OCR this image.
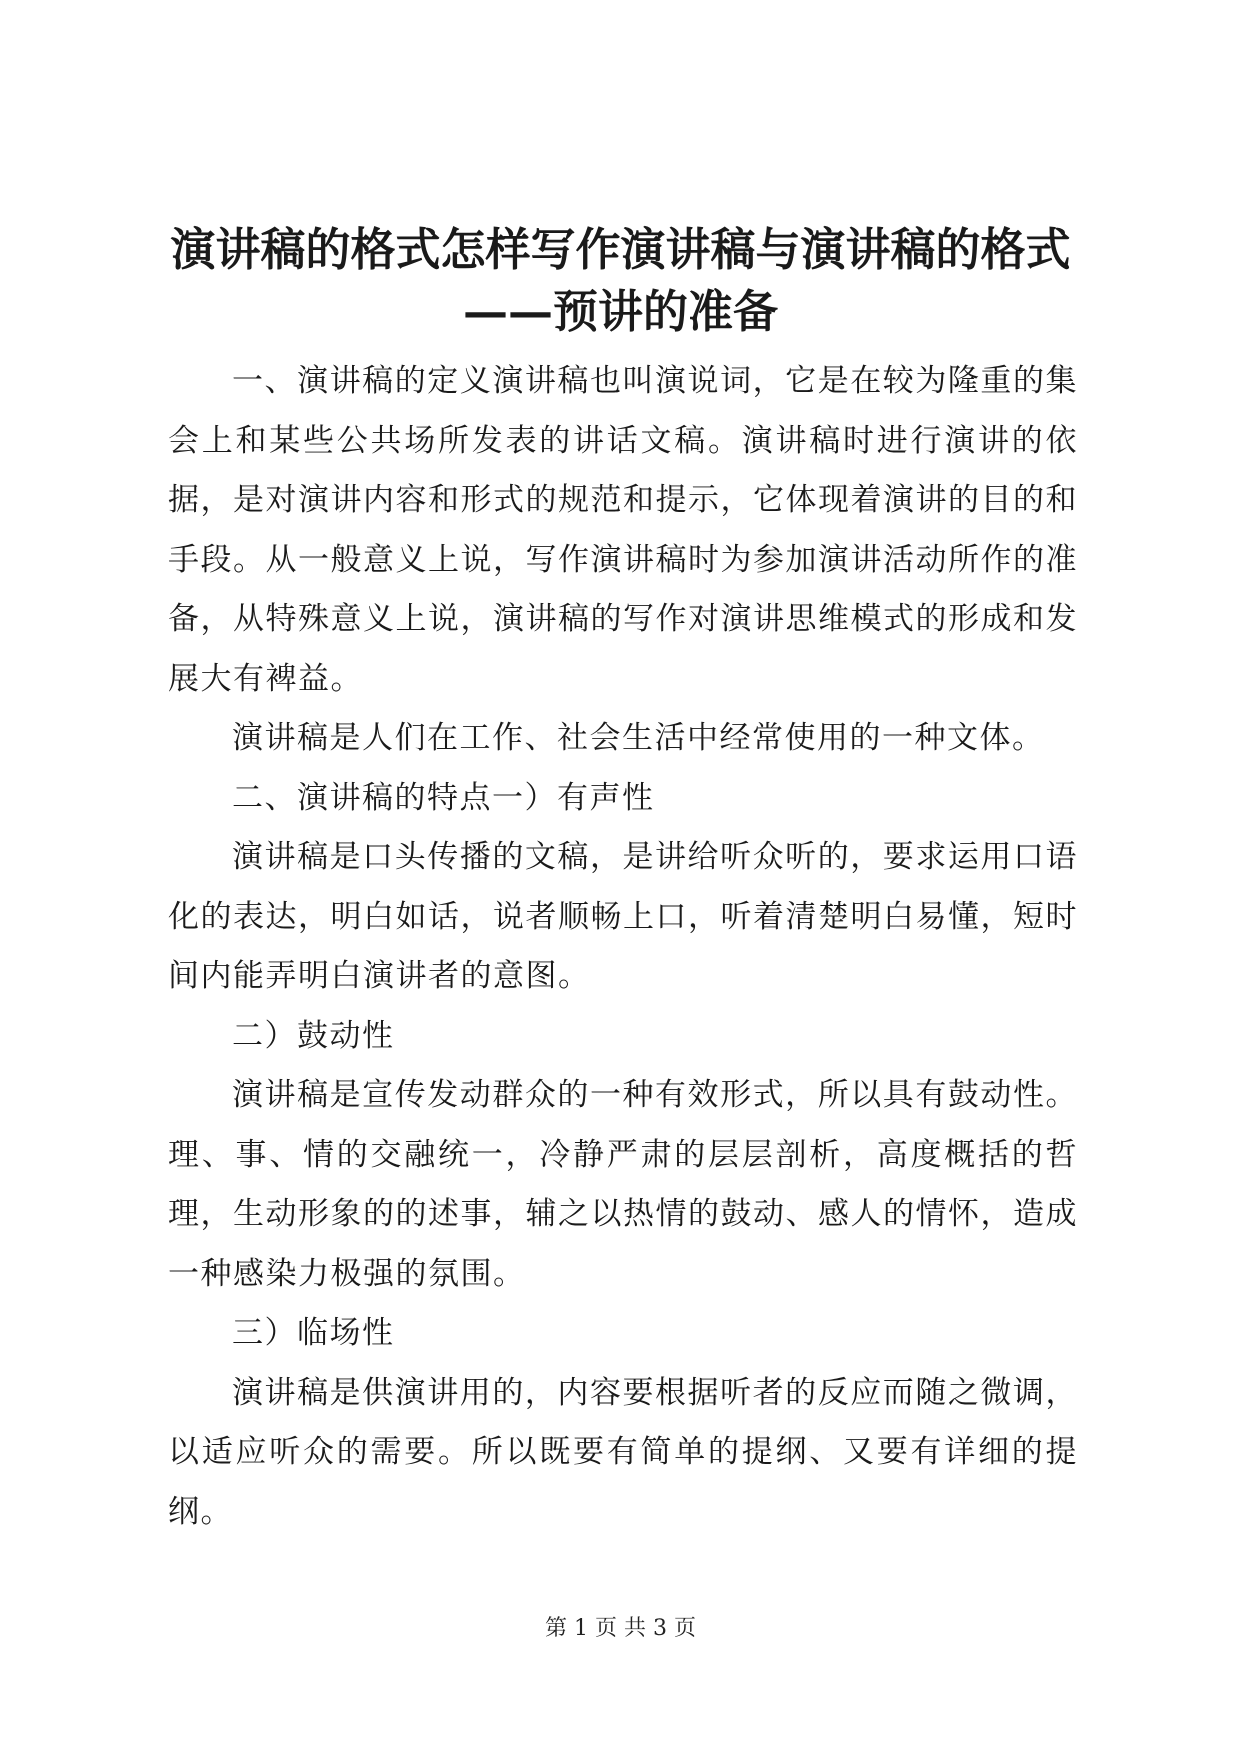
演讲稿的格式怎样写作演讲稿与演讲稿的格式
——预讲的准备

一、演讲稿的定义演讲稿也叫演说词，它是在较为隆重的集会上和某些公共场所发表的讲话文稿。演讲稿时进行演讲的依据，是对演讲内容和形式的规范和提示，它体现着演讲的目的和手段。从一般意义上说，写作演讲稿时为参加演讲活动所作的准备，从特殊意义上说，演讲稿的写作对演讲思维模式的形成和发展大有裨益。

演讲稿是人们在工作、社会生活中经常使用的一种文体。

二、演讲稿的特点一）有声性

演讲稿是口头传播的文稿，是讲给听众听的，要求运用口语化的表达，明白如话，说者顺畅上口，听着清楚明白易懂，短时间内能弄明白演讲者的意图。

二）鼓动性

演讲稿是宣传发动群众的一种有效形式，所以具有鼓动性。理、事、情的交融统一，冷静严肃的层层剖析，高度概括的哲理，生动形象的的述事，辅之以热情的鼓动、感人的情怀，造成一种感染力极强的氛围。

三）临场性

演讲稿是供演讲用的，内容要根据听者的反应而随之微调，以适应听众的需要。所以既要有简单的提纲、又要有详细的提纲。

第 1 页 共 3 页
